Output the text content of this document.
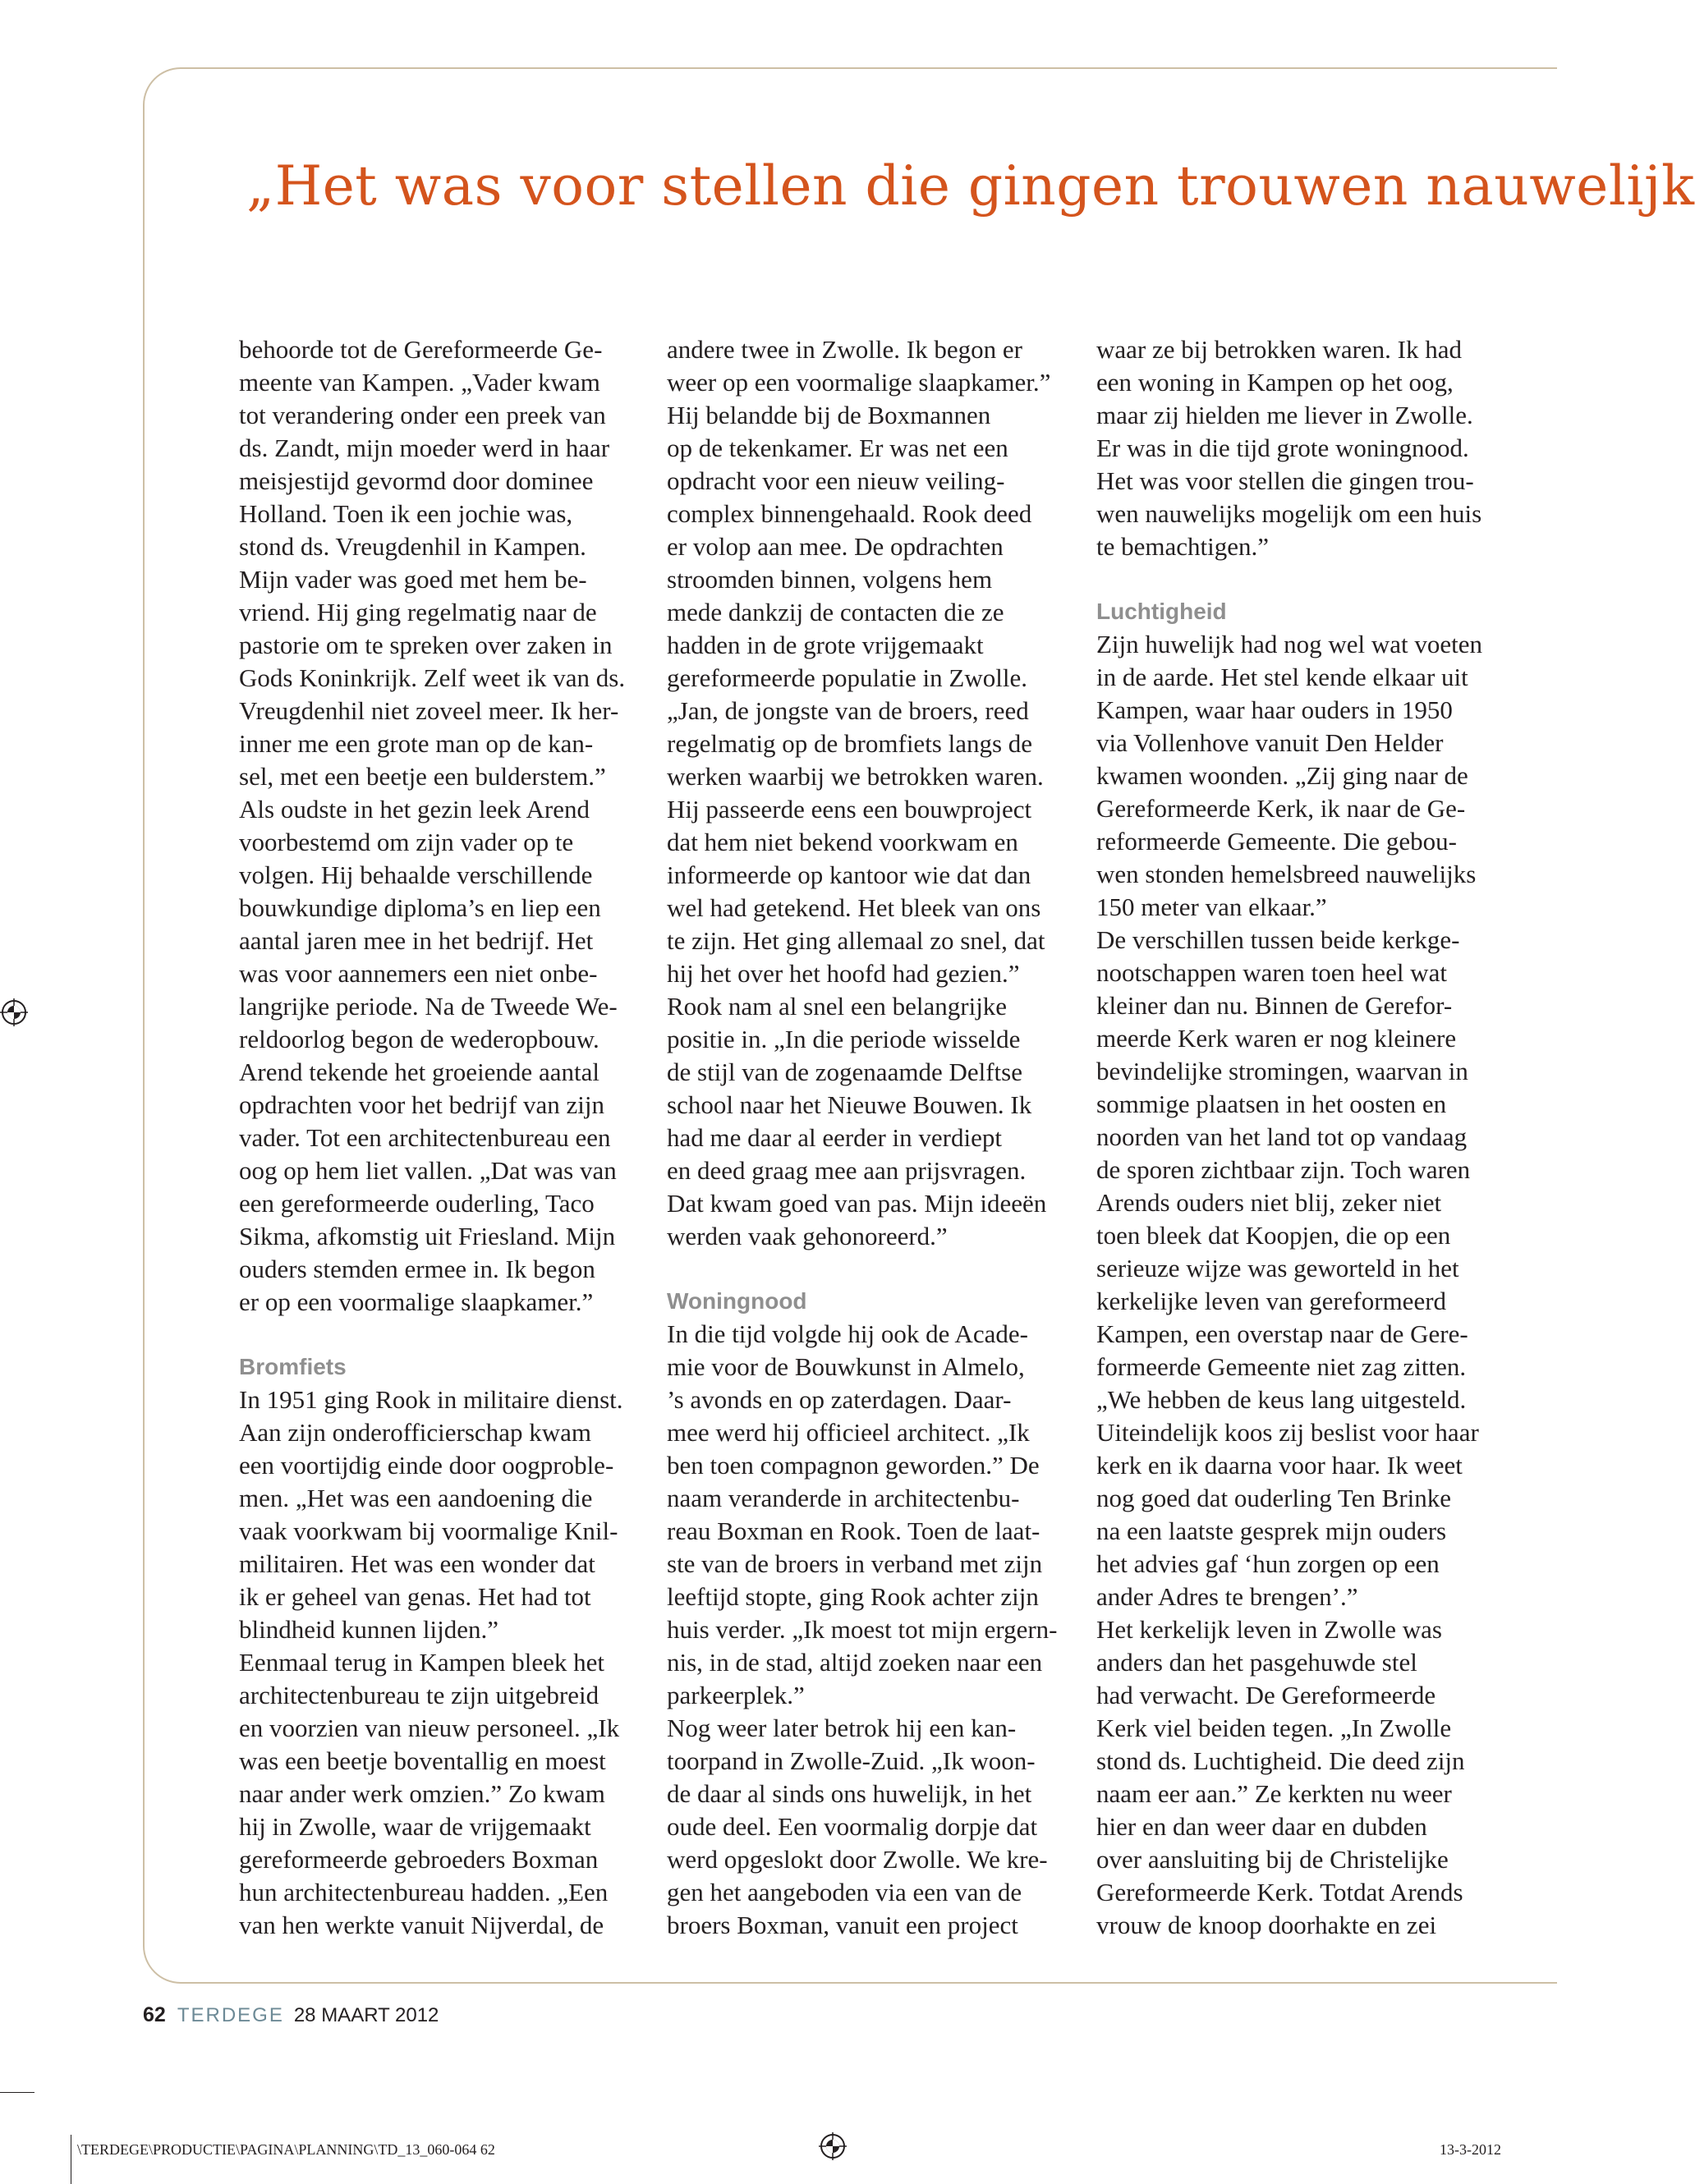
„Het was voor stellen die gingen trouwen nauwelijk
behoorde tot de Gereformeerde Ge-
meente van Kampen. „Vader kwam
tot verandering onder een preek van
ds. Zandt, mijn moeder werd in haar
meisjestijd gevormd door dominee
Holland. Toen ik een jochie was,
stond ds. Vreugdenhil in Kampen.
Mijn vader was goed met hem be-
vriend. Hij ging regelmatig naar de
pastorie om te spreken over zaken in
Gods Koninkrijk. Zelf weet ik van ds.
Vreugdenhil niet zoveel meer. Ik her-
inner me een grote man op de kan-
sel, met een beetje een bulderstem.”
Als oudste in het gezin leek Arend
voorbestemd om zijn vader op te
volgen. Hij behaalde verschillende
bouwkundige diploma’s en liep een
aantal jaren mee in het bedrijf. Het
was voor aannemers een niet onbe-
langrijke periode. Na de Tweede We-
reldoorlog begon de wederopbouw.
Arend tekende het groeiende aantal
opdrachten voor het bedrijf van zijn
vader. Tot een architectenbureau een
oog op hem liet vallen. „Dat was van
een gereformeerde ouderling, Taco
Sikma, afkomstig uit Friesland. Mijn
ouders stemden ermee in. Ik begon
er op een voormalige slaapkamer.”
Bromfiets
In 1951 ging Rook in militaire dienst.
Aan zijn onderofficierschap kwam
een voortijdig einde door oogproble-
men. „Het was een aandoening die
vaak voorkwam bij voormalige Knil-
militairen. Het was een wonder dat
ik er geheel van genas. Het had tot
blindheid kunnen lijden.”
Eenmaal terug in Kampen bleek het
architectenbureau te zijn uitgebreid
en voorzien van nieuw personeel. „Ik
was een beetje boventallig en moest
naar ander werk omzien.” Zo kwam
hij in Zwolle, waar de vrijgemaakt
gereformeerde gebroeders Boxman
hun architectenbureau hadden. „Een
van hen werkte vanuit Nijverdal, de
andere twee in Zwolle. Ik begon er
weer op een voormalige slaapkamer.”
Hij belandde bij de Boxmannen
op de tekenkamer. Er was net een
opdracht voor een nieuw veiling-
complex binnengehaald. Rook deed
er volop aan mee. De opdrachten
stroomden binnen, volgens hem
mede dankzij de contacten die ze
hadden in de grote vrijgemaakt
gereformeerde populatie in Zwolle.
„Jan, de jongste van de broers, reed
regelmatig op de bromfiets langs de
werken waarbij we betrokken waren.
Hij passeerde eens een bouwproject
dat hem niet bekend voorkwam en
informeerde op kantoor wie dat dan
wel had getekend. Het bleek van ons
te zijn. Het ging allemaal zo snel, dat
hij het over het hoofd had gezien.”
Rook nam al snel een belangrijke
positie in. „In die periode wisselde
de stijl van de zogenaamde Delftse
school naar het Nieuwe Bouwen. Ik
had me daar al eerder in verdiept
en deed graag mee aan prijsvragen.
Dat kwam goed van pas. Mijn ideeën
werden vaak gehonoreerd.”
Woningnood
In die tijd volgde hij ook de Acade-
mie voor de Bouwkunst in Almelo,
’s avonds en op zaterdagen. Daar-
mee werd hij officieel architect. „Ik
ben toen compagnon geworden.” De
naam veranderde in architectenbu-
reau Boxman en Rook. Toen de laat-
ste van de broers in verband met zijn
leeftijd stopte, ging Rook achter zijn
huis verder. „Ik moest tot mijn ergern-
nis, in de stad, altijd zoeken naar een
parkeerplek.”
Nog weer later betrok hij een kan-
toorpand in Zwolle-Zuid. „Ik woon-
de daar al sinds ons huwelijk, in het
oude deel. Een voormalig dorpje dat
werd opgeslokt door Zwolle. We kre-
gen het aangeboden via een van de
broers Boxman, vanuit een project
waar ze bij betrokken waren. Ik had
een woning in Kampen op het oog,
maar zij hielden me liever in Zwolle.
Er was in die tijd grote woningnood.
Het was voor stellen die gingen trou-
wen nauwelijks mogelijk om een huis
te bemachtigen.”
Luchtigheid
Zijn huwelijk had nog wel wat voeten
in de aarde. Het stel kende elkaar uit
Kampen, waar haar ouders in 1950
via Vollenhove vanuit Den Helder
kwamen woonden. „Zij ging naar de
Gereformeerde Kerk, ik naar de Ge-
reformeerde Gemeente. Die gebou-
wen stonden hemelsbreed nauwelijks
150 meter van elkaar.”
De verschillen tussen beide kerkge-
nootschappen waren toen heel wat
kleiner dan nu. Binnen de Gerefor-
meerde Kerk waren er nog kleinere
bevindelijke stromingen, waarvan in
sommige plaatsen in het oosten en
noorden van het land tot op vandaag
de sporen zichtbaar zijn. Toch waren
Arends ouders niet blij, zeker niet
toen bleek dat Koopjen, die op een
serieuze wijze was geworteld in het
kerkelijke leven van gereformeerd
Kampen, een overstap naar de Gere-
formeerde Gemeente niet zag zitten.
„We hebben de keus lang uitgesteld.
Uiteindelijk koos zij beslist voor haar
kerk en ik daarna voor haar. Ik weet
nog goed dat ouderling Ten Brinke
na een laatste gesprek mijn ouders
het advies gaf ‘hun zorgen op een
ander Adres te brengen’.”
Het kerkelijk leven in Zwolle was
anders dan het pasgehuwde stel
had verwacht. De Gereformeerde
Kerk viel beiden tegen. „In Zwolle
stond ds. Luchtigheid. Die deed zijn
naam eer aan.” Ze kerkten nu weer
hier en dan weer daar en dubden
over aansluiting bij de Christelijke
Gereformeerde Kerk. Totdat Arends
vrouw de knoop doorhakte en zei
62 TERDEGE 28 MAART 2012
\TERDEGE\PRODUCTIE\PAGINA\PLANNING\TD_13_060-064 62	13-3-2012
